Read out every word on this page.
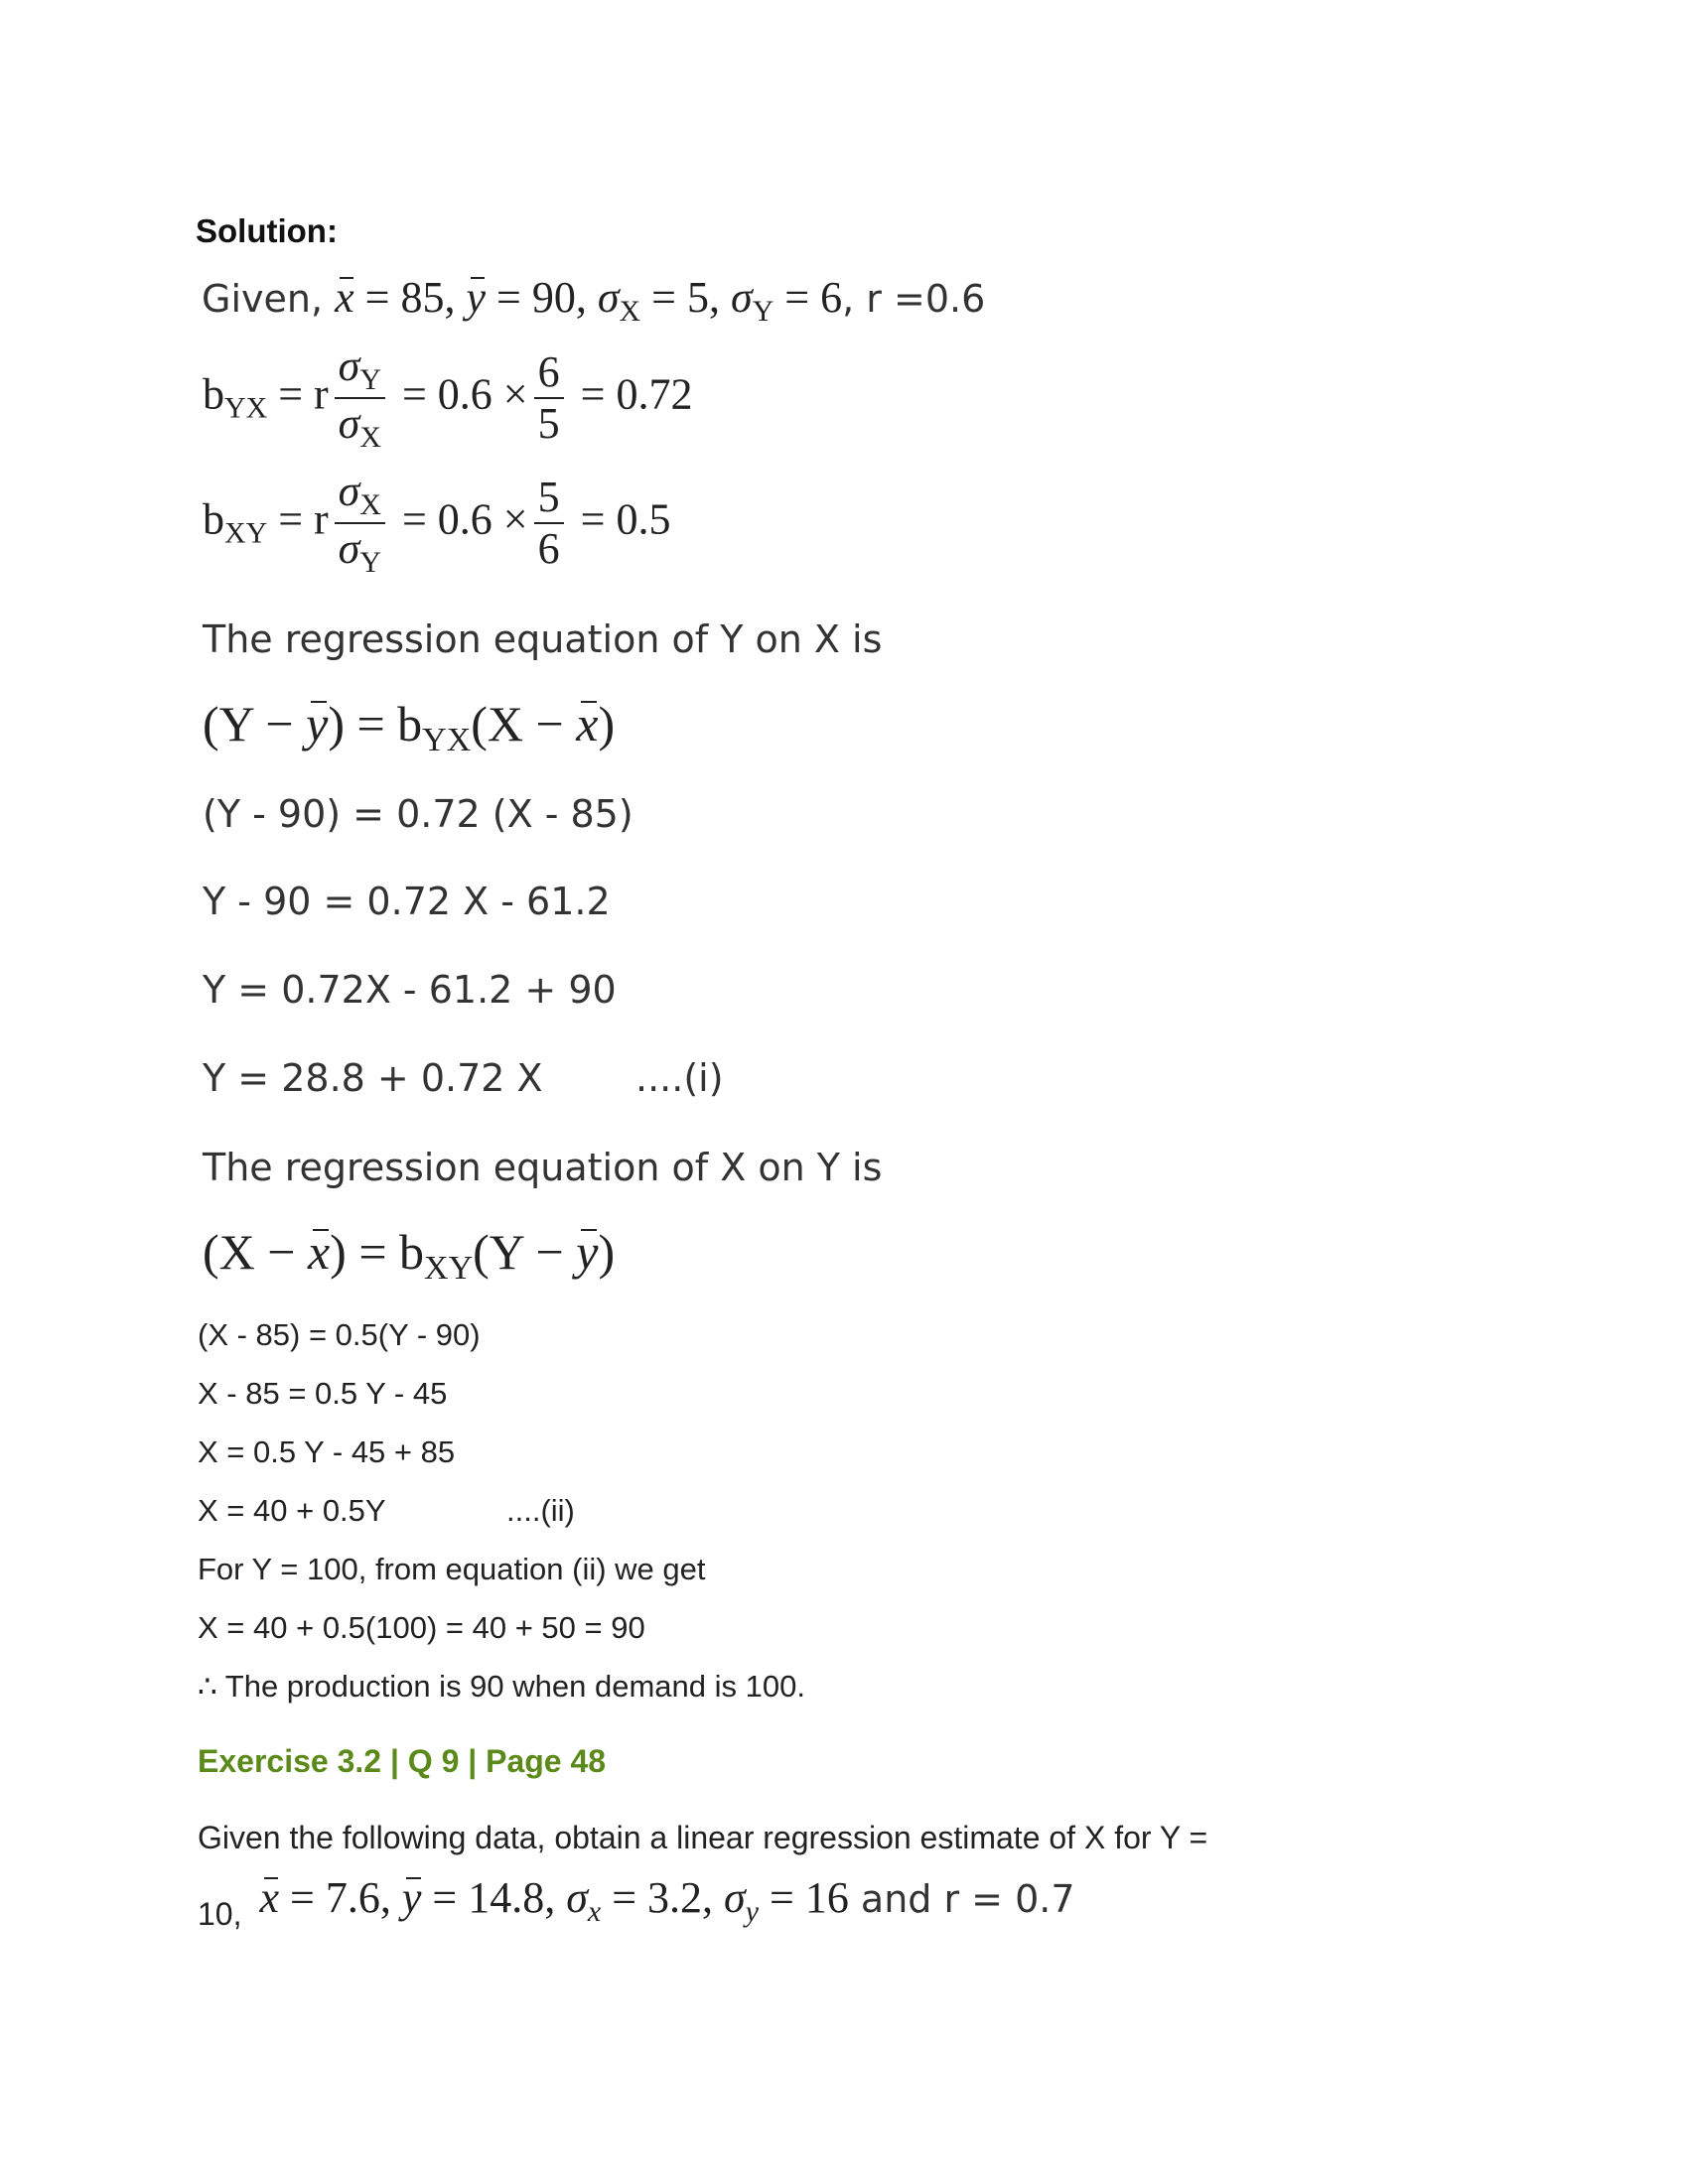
Solution:
Given, x = 85, y = 90, $\sigma_X = 5$, $\sigma_Y = 6$, r =0.6
$b_{YX} = r \frac{\sigma_Y}{\sigma_X} = 0.6 \times \frac{6}{5} = 0.72$
$b_{XY} = r \frac{\sigma_X}{\sigma_Y} = 0.6 \times \frac{5}{6} = 0.5$
The regression equation of Y on X is
$(Y - y) = b_{YX}(X - x)$
(Y - 90) = 0.72 (X - 85)
Y - 90 = 0.72 X - 61.2
Y = 0.72X - 61.2 + 90
Y = 28.8 + 0.72 X ....(i)
The regression equation of X on Y is
$(X - x) = b_{XY}(Y - y)$
(X - 85) = 0.5(Y - 90)
X - 85 = 0.5 Y - 45
X = 0.5 Y - 45 + 85
X = 40 + 0.5Y	....(ii)
For Y = 100, from equation (ii) we get
X = 40 + 0.5(100) = 40 + 50 = 90
∴ The production is 90 when demand is 100.
Exercise 3.2 | Q 9 | Page 48
Given the following data, obtain a linear regression estimate of X for Y =
10, x = 7.6, y = 14.8, $\sigma_x = 3.2$, $\sigma_y = 16$ and r = 0.7
